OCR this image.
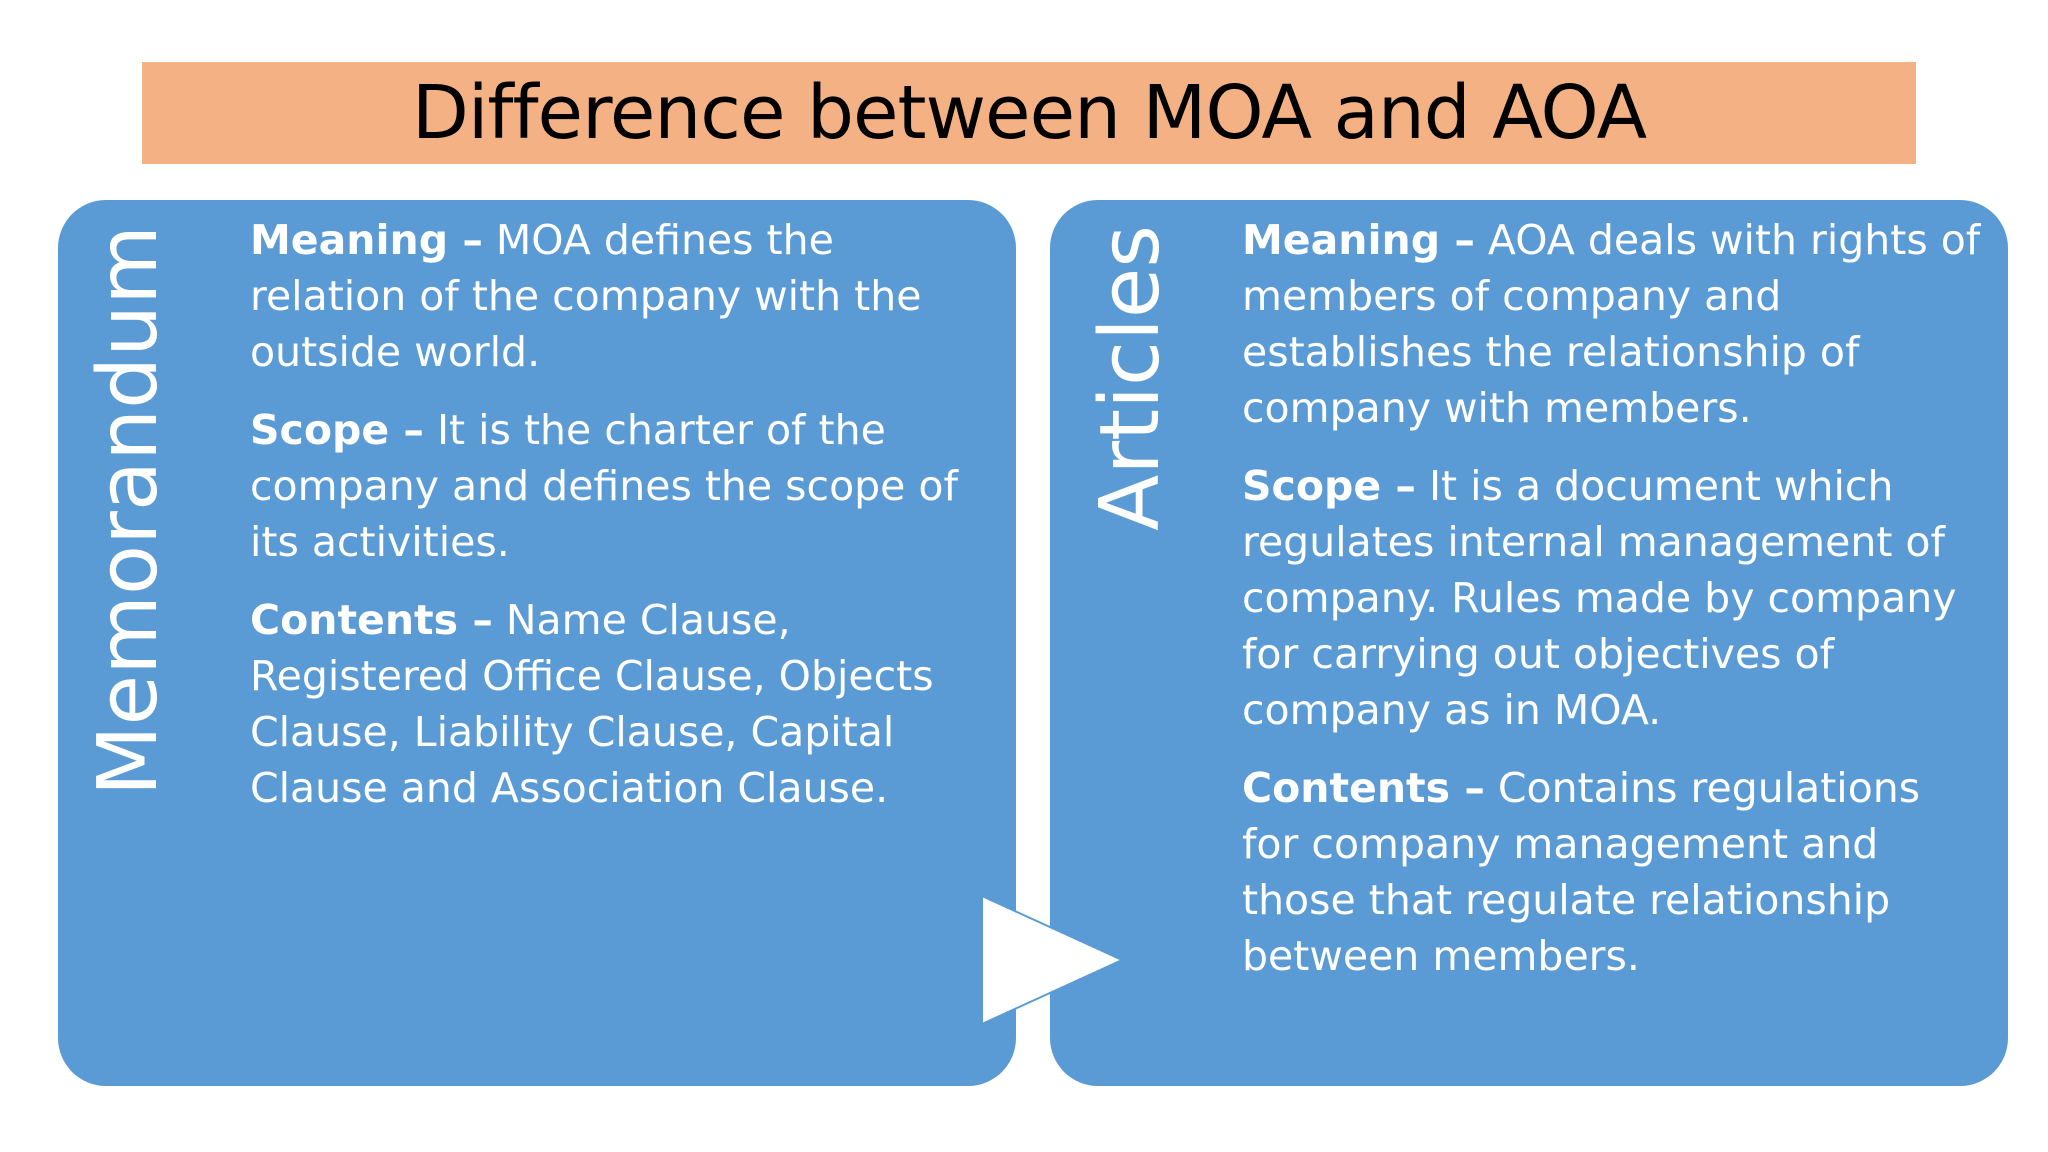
Difference between MOA and AOA
Memorandum	Articles

Meaning – MOA defines the relation of the company with the outside world.

Scope – It is the charter of the company and defines the scope of its activities.

Contents – Name Clause, Registered Office Clause, Objects Clause, Liability Clause, Capital Clause and Association Clause.

Meaning – AOA deals with rights of members of company and establishes the relationship of company with members.

Scope – It is a document which regulates internal management of company. Rules made by company for carrying out objectives of company as in MOA.

Contents – Contains regulations for company management and those that regulate relationship between members.
